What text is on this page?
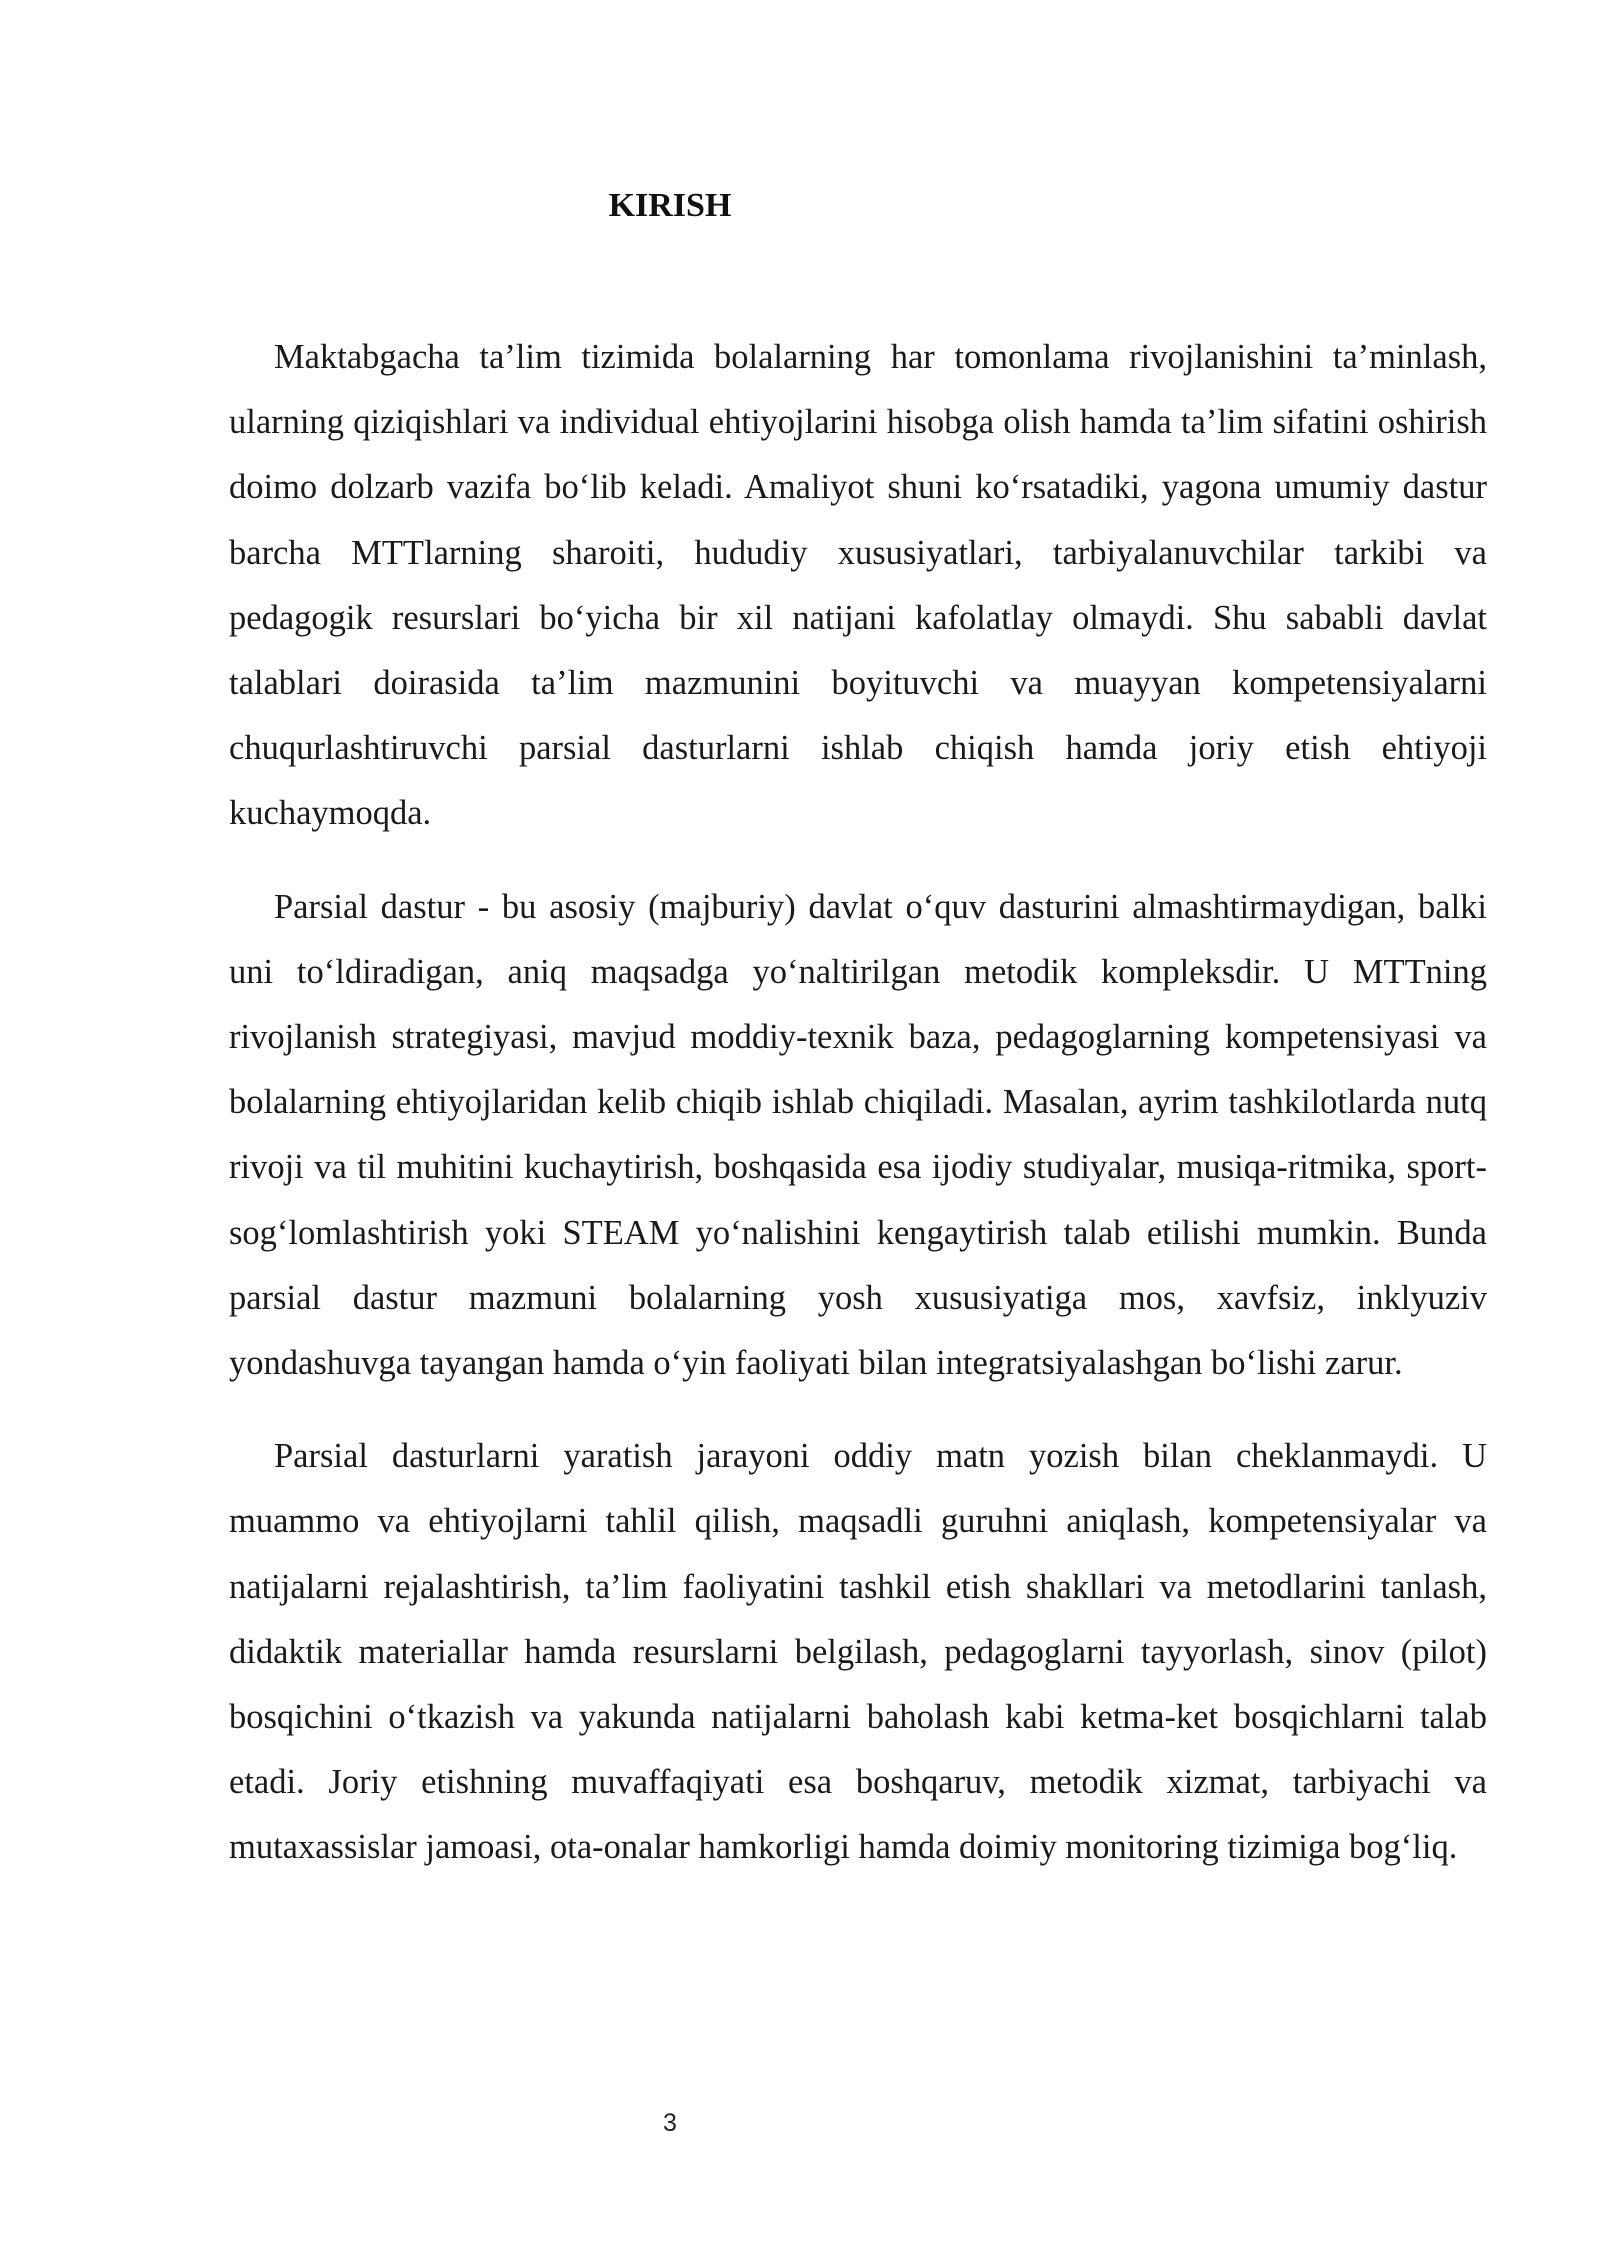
KIRISH

Maktabgacha ta’lim tizimida bolalarning har tomonlama rivojlanishini ta’minlash, ularning qiziqishlari va individual ehtiyojlarini hisobga olish hamda ta’lim sifatini oshirish doimo dolzarb vazifa bo‘lib keladi. Amaliyot shuni ko‘rsatadiki, yagona umumiy dastur barcha MTTlarning sharoiti, hududiy xususiyatlari, tarbiyalanuvchilar tarkibi va pedagogik resurslari bo‘yicha bir xil natijani kafolatlay olmaydi. Shu sababli davlat talablari doirasida ta’lim mazmunini boyituvchi va muayyan kompetensiyalarni chuqurlashtiruvchi parsial dasturlarni ishlab chiqish hamda joriy etish ehtiyoji kuchaymoqda.

Parsial dastur - bu asosiy (majburiy) davlat o‘quv dasturini almashtirmaydigan, balki uni to‘ldiradigan, aniq maqsadga yo‘naltirilgan metodik kompleksdir. U MTTning rivojlanish strategiyasi, mavjud moddiy-texnik baza, pedagoglarning kompetensiyasi va bolalarning ehtiyojlaridan kelib chiqib ishlab chiqiladi. Masalan, ayrim tashkilotlarda nutq rivoji va til muhitini kuchaytirish, boshqasida esa ijodiy studiyalar, musiqa-ritmika, sport-sog‘lomlashtirish yoki STEAM yo‘nalishini kengaytirish talab etilishi mumkin. Bunda parsial dastur mazmuni bolalarning yosh xususiyatiga mos, xavfsiz, inklyuziv yondashuvga tayangan hamda o‘yin faoliyati bilan integratsiyalashgan bo‘lishi zarur.

Parsial dasturlarni yaratish jarayoni oddiy matn yozish bilan cheklanmaydi. U muammo va ehtiyojlarni tahlil qilish, maqsadli guruhni aniqlash, kompetensiyalar va natijalarni rejalashtirish, ta’lim faoliyatini tashkil etish shakllari va metodlarini tanlash, didaktik materiallar hamda resurslarni belgilash, pedagoglarni tayyorlash, sinov (pilot) bosqichini o‘tkazish va yakunda natijalarni baholash kabi ketma-ket bosqichlarni talab etadi. Joriy etishning muvaffaqiyati esa boshqaruv, metodik xizmat, tarbiyachi va mutaxassislar jamoasi, ota-onalar hamkorligi hamda doimiy monitoring tizimiga bog‘liq.

3
